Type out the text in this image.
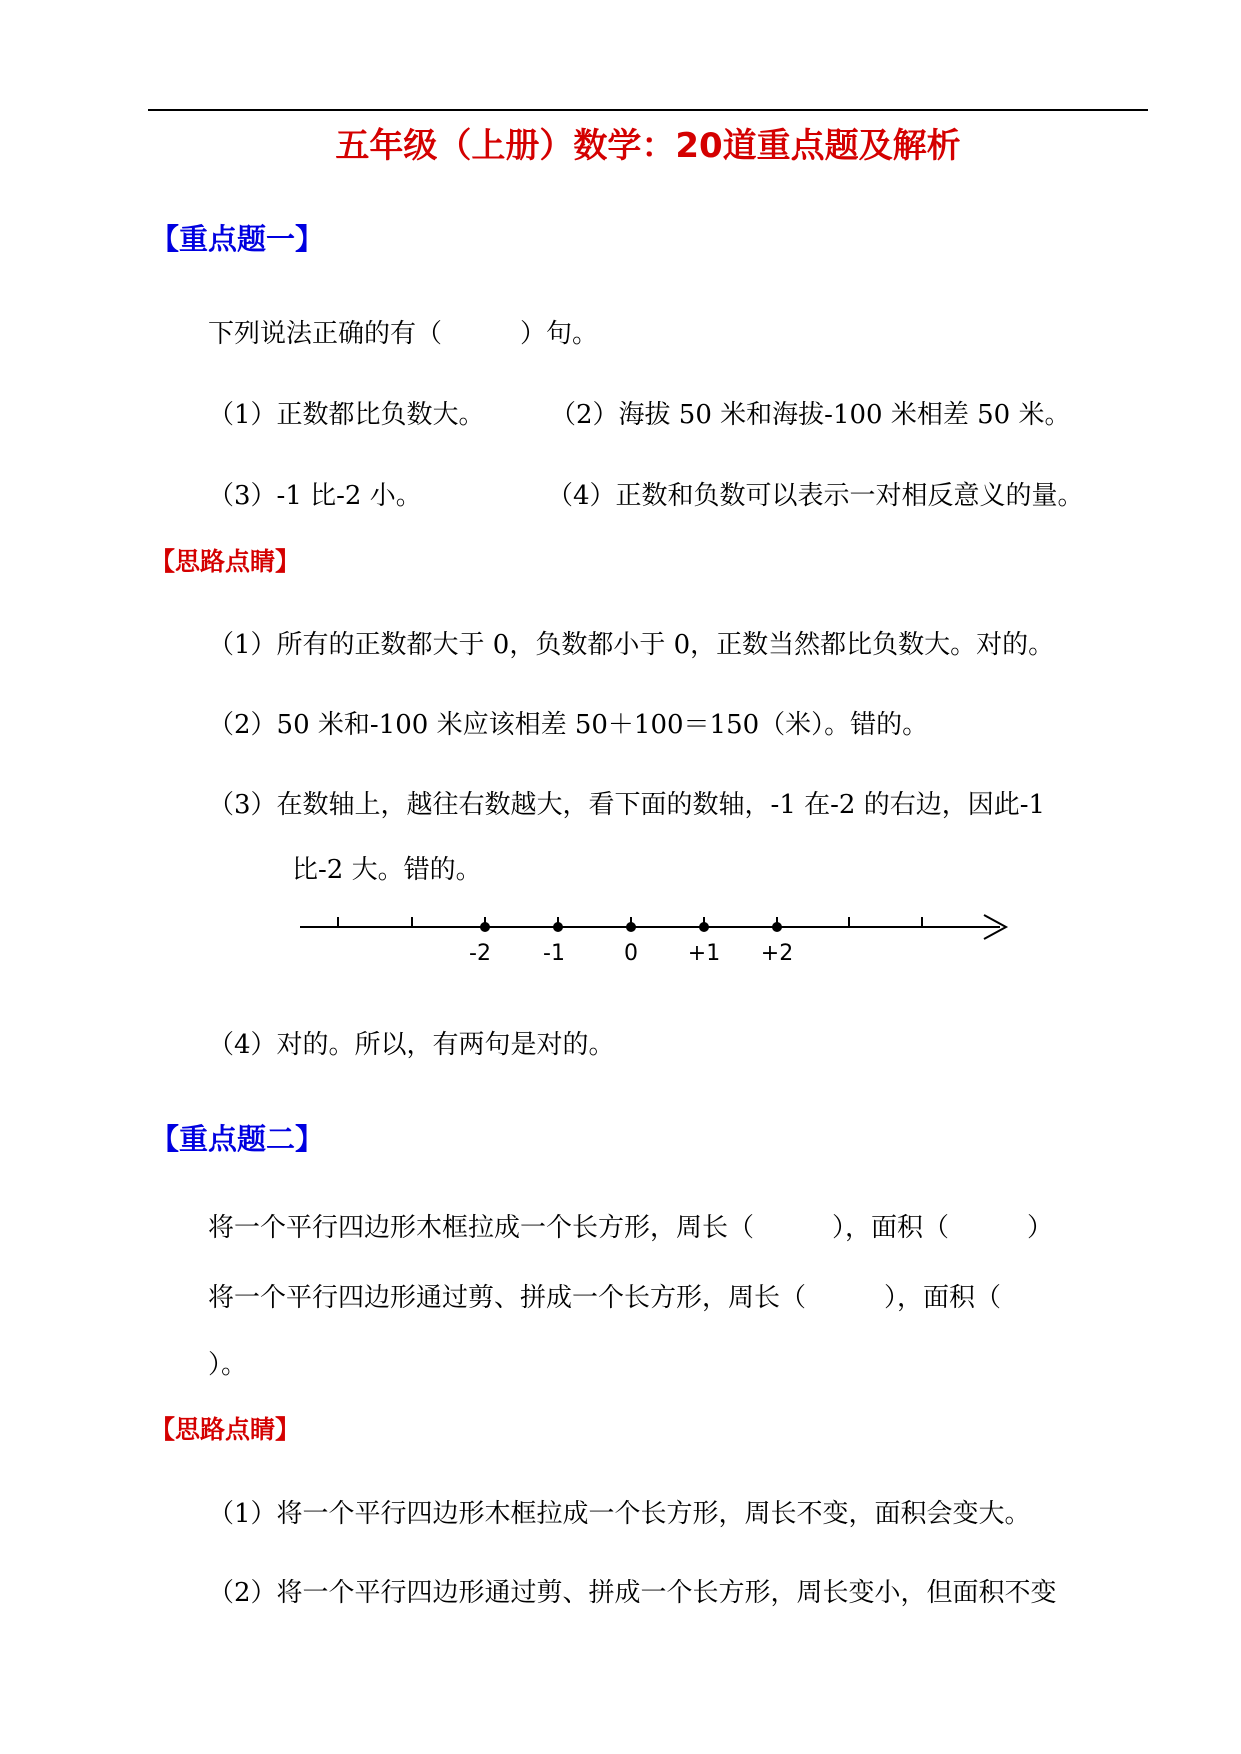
五年级（上册）数学：20道重点题及解析
【重点题一】
下列说法正确的有（　　　）句。
（1）正数都比负数大。	（2）海拔 50 米和海拔-100 米相差 50 米。
（3）-1 比-2 小。	（4）正数和负数可以表示一对相反意义的量。
【思路点睛】
（1）所有的正数都大于 0，负数都小于 0，正数当然都比负数大。对的。
（2）50 米和-100 米应该相差 50＋100＝150（米）。错的。
（3）在数轴上，越往右数越大，看下面的数轴，-1 在-2 的右边，因此-1
比-2 大。错的。
-2 -1	0 +1 +2
（4）对的。所以，有两句是对的。
【重点题二】
将一个平行四边形木框拉成一个长方形，周长（　　　），面积（　　　）
将一个平行四边形通过剪、拼成一个长方形，周长（　　　），面积（
）。
【思路点睛】
（1）将一个平行四边形木框拉成一个长方形，周长不变，面积会变大。
（2）将一个平行四边形通过剪、拼成一个长方形，周长变小，但面积不变
